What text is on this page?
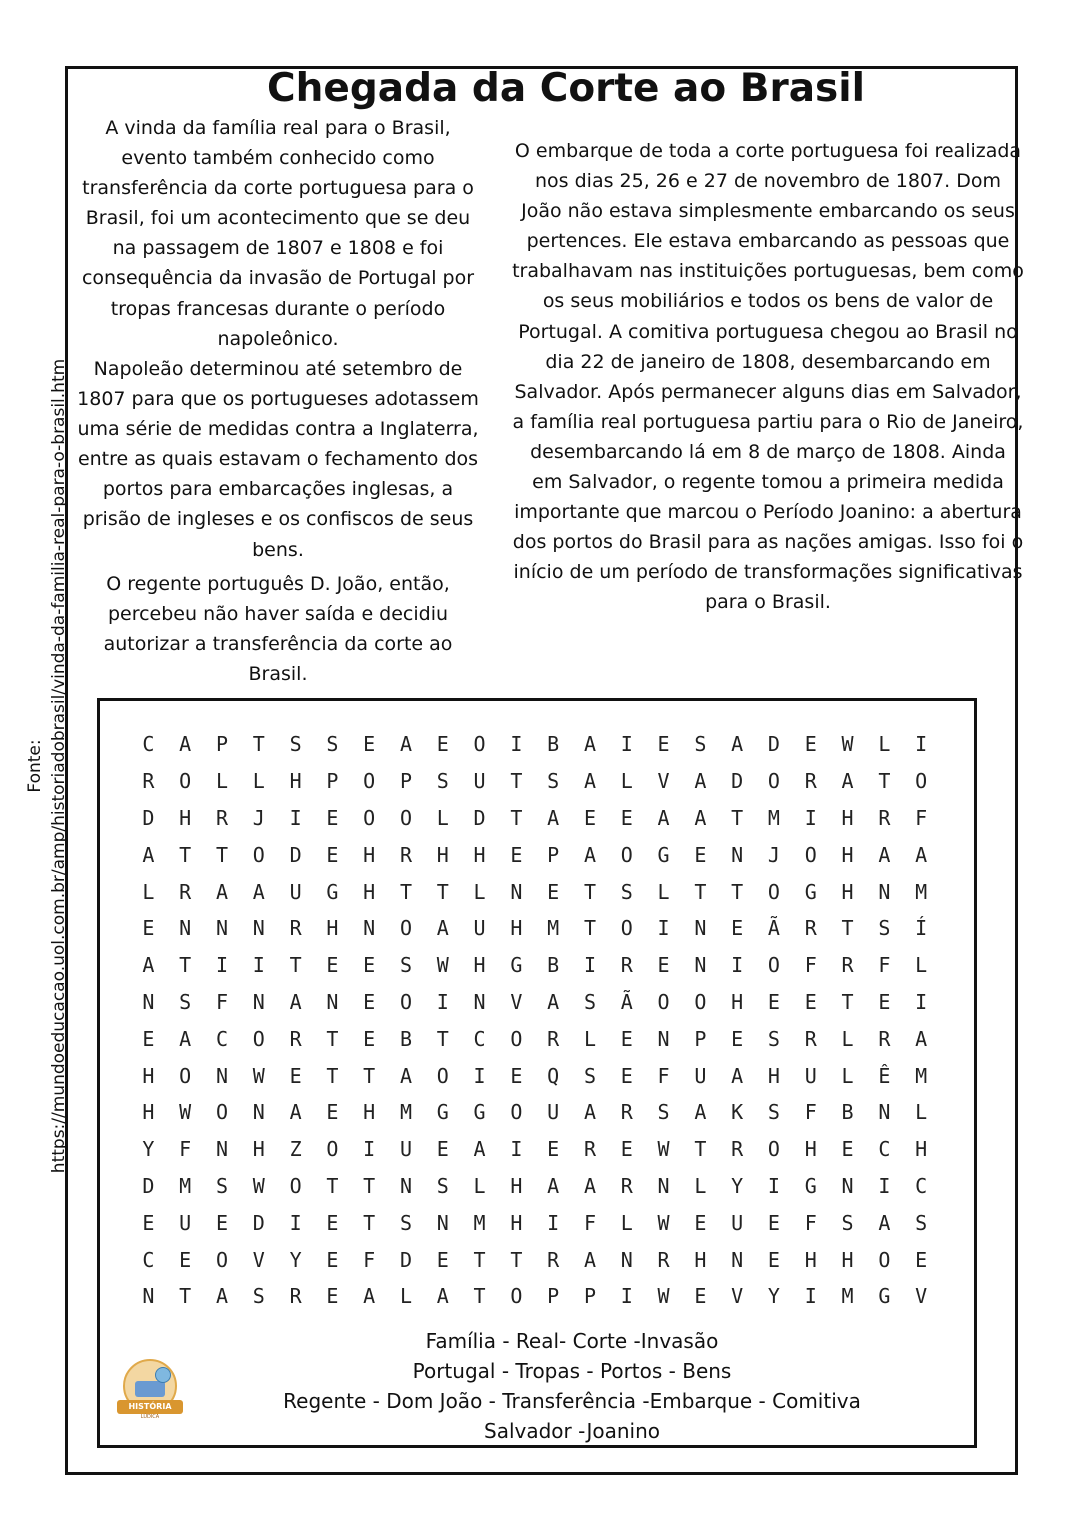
Chegada da Corte ao Brasil

A vinda da família real para o Brasil, evento também conhecido como transferência da corte portuguesa para o Brasil, foi um acontecimento que se deu na passagem de 1807 e 1808 e foi consequência da invasão de Portugal por tropas francesas durante o período napoleônico.

Napoleão determinou até setembro de 1807 para que os portugueses adotassem uma série de medidas contra a Inglaterra, entre as quais estavam o fechamento dos portos para embarcações inglesas, a prisão de ingleses e os confiscos de seus bens.

O regente português D. João, então, percebeu não haver saída e decidiu autorizar a transferência da corte ao Brasil.

O embarque de toda a corte portuguesa foi realizada nos dias 25, 26 e 27 de novembro de 1807. Dom João não estava simplesmente embarcando os seus pertences. Ele estava embarcando as pessoas que trabalhavam nas instituições portuguesas, bem como os seus mobiliários e todos os bens de valor de Portugal. A comitiva portuguesa chegou ao Brasil no dia 22 de janeiro de 1808, desembarcando em Salvador. Após permanecer alguns dias em Salvador, a família real portuguesa partiu para o Rio de Janeiro, desembarcando lá em 8 de março de 1808. Ainda em Salvador, o regente tomou a primeira medida importante que marcou o Período Joanino: a abertura dos portos do Brasil para as nações amigas. Isso foi o início de um período de transformações significativas para o Brasil.

Fonte: https://mundoeducacao.uol.com.br/amp/historiadobrasil/vinda-da-familia-real-para-o-brasil.htm	C	A	P	T	S	S	E	A	E	O	I	B	A	I	E	S	A	D	E	W	L	I
R	O	L	L	H	P	O	P	S	U	T	S	A	L	V	A	D	O	R	A	T	O
D	H	R	J	I	E	O	O	L	D	T	A	E	E	A	A	T	M	I	H	R	F
A	T	T	O	D	E	H	R	H	H	E	P	A	O	G	E	N	J	O	H	A	A
L	R	A	A	U	G	H	T	T	L	N	E	T	S	L	T	T	O	G	H	N	M
E	N	N	N	R	H	N	O	A	U	H	M	T	O	I	N	E	Ã	R	T	S	Í
A	T	I	I	T	E	E	S	W	H	G	B	I	R	E	N	I	O	F	R	F	L
N	S	F	N	A	N	E	O	I	N	V	A	S	Ã	O	O	H	E	E	T	E	I
E	A	C	O	R	T	E	B	T	C	O	R	L	E	N	P	E	S	R	L	R	A
H	O	N	W	E	T	T	A	O	I	E	Q	S	E	F	U	A	H	U	L	Ê	M
H	W	O	N	A	E	H	M	G	G	O	U	A	R	S	A	K	S	F	B	N	L
Y	F	N	H	Z	O	I	U	E	A	I	E	R	E	W	T	R	O	H	E	C	H
D	M	S	W	O	T	T	N	S	L	H	A	A	R	N	L	Y	I	G	N	I	C
E	U	E	D	I	E	T	S	N	M	H	I	F	L	W	E	U	E	F	S	A	S
C	E	O	V	Y	E	F	D	E	T	T	R	A	N	R	H	N	E	H	H	O	E
N	T	A	S	R	E	A	L	A	T	O	P	P	I	W	E	V	Y	I	M	G	V
Família - Real- Corte -Invasão
Portugal - Tropas - Portos - Bens
Regente - Dom João - Transferência -Embarque - Comitiva
Salvador -Joanino
HISTÓRIA
LÚDICA
